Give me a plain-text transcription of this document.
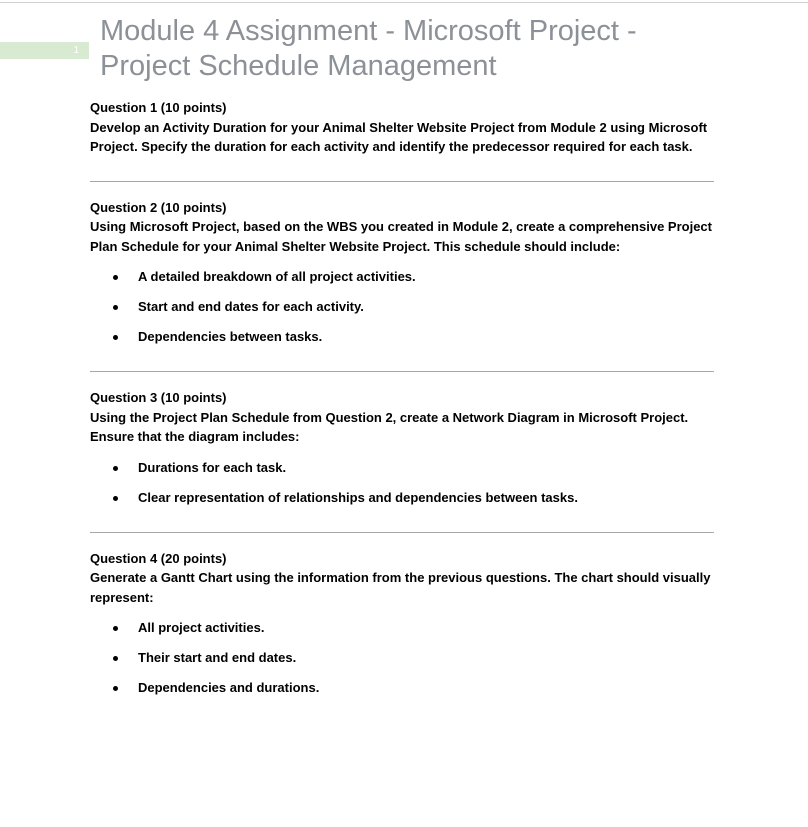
1
Module 4 Assignment - Microsoft Project - Project Schedule Management

Question 1 (10 points)

Develop an Activity Duration for your Animal Shelter Website Project from Module 2 using Microsoft Project. Specify the duration for each activity and identify the predecessor required for each task.

Question 2 (10 points)

Using Microsoft Project, based on the WBS you created in Module 2, create a comprehensive Project Plan Schedule for your Animal Shelter Website Project. This schedule should include:

A detailed breakdown of all project activities.
Start and end dates for each activity.
Dependencies between tasks.

Question 3 (10 points)

Using the Project Plan Schedule from Question 2, create a Network Diagram in Microsoft Project. Ensure that the diagram includes:

Durations for each task.
Clear representation of relationships and dependencies between tasks.

Question 4 (20 points)

Generate a Gantt Chart using the information from the previous questions. The chart should visually represent:

All project activities.
Their start and end dates.
Dependencies and durations.
